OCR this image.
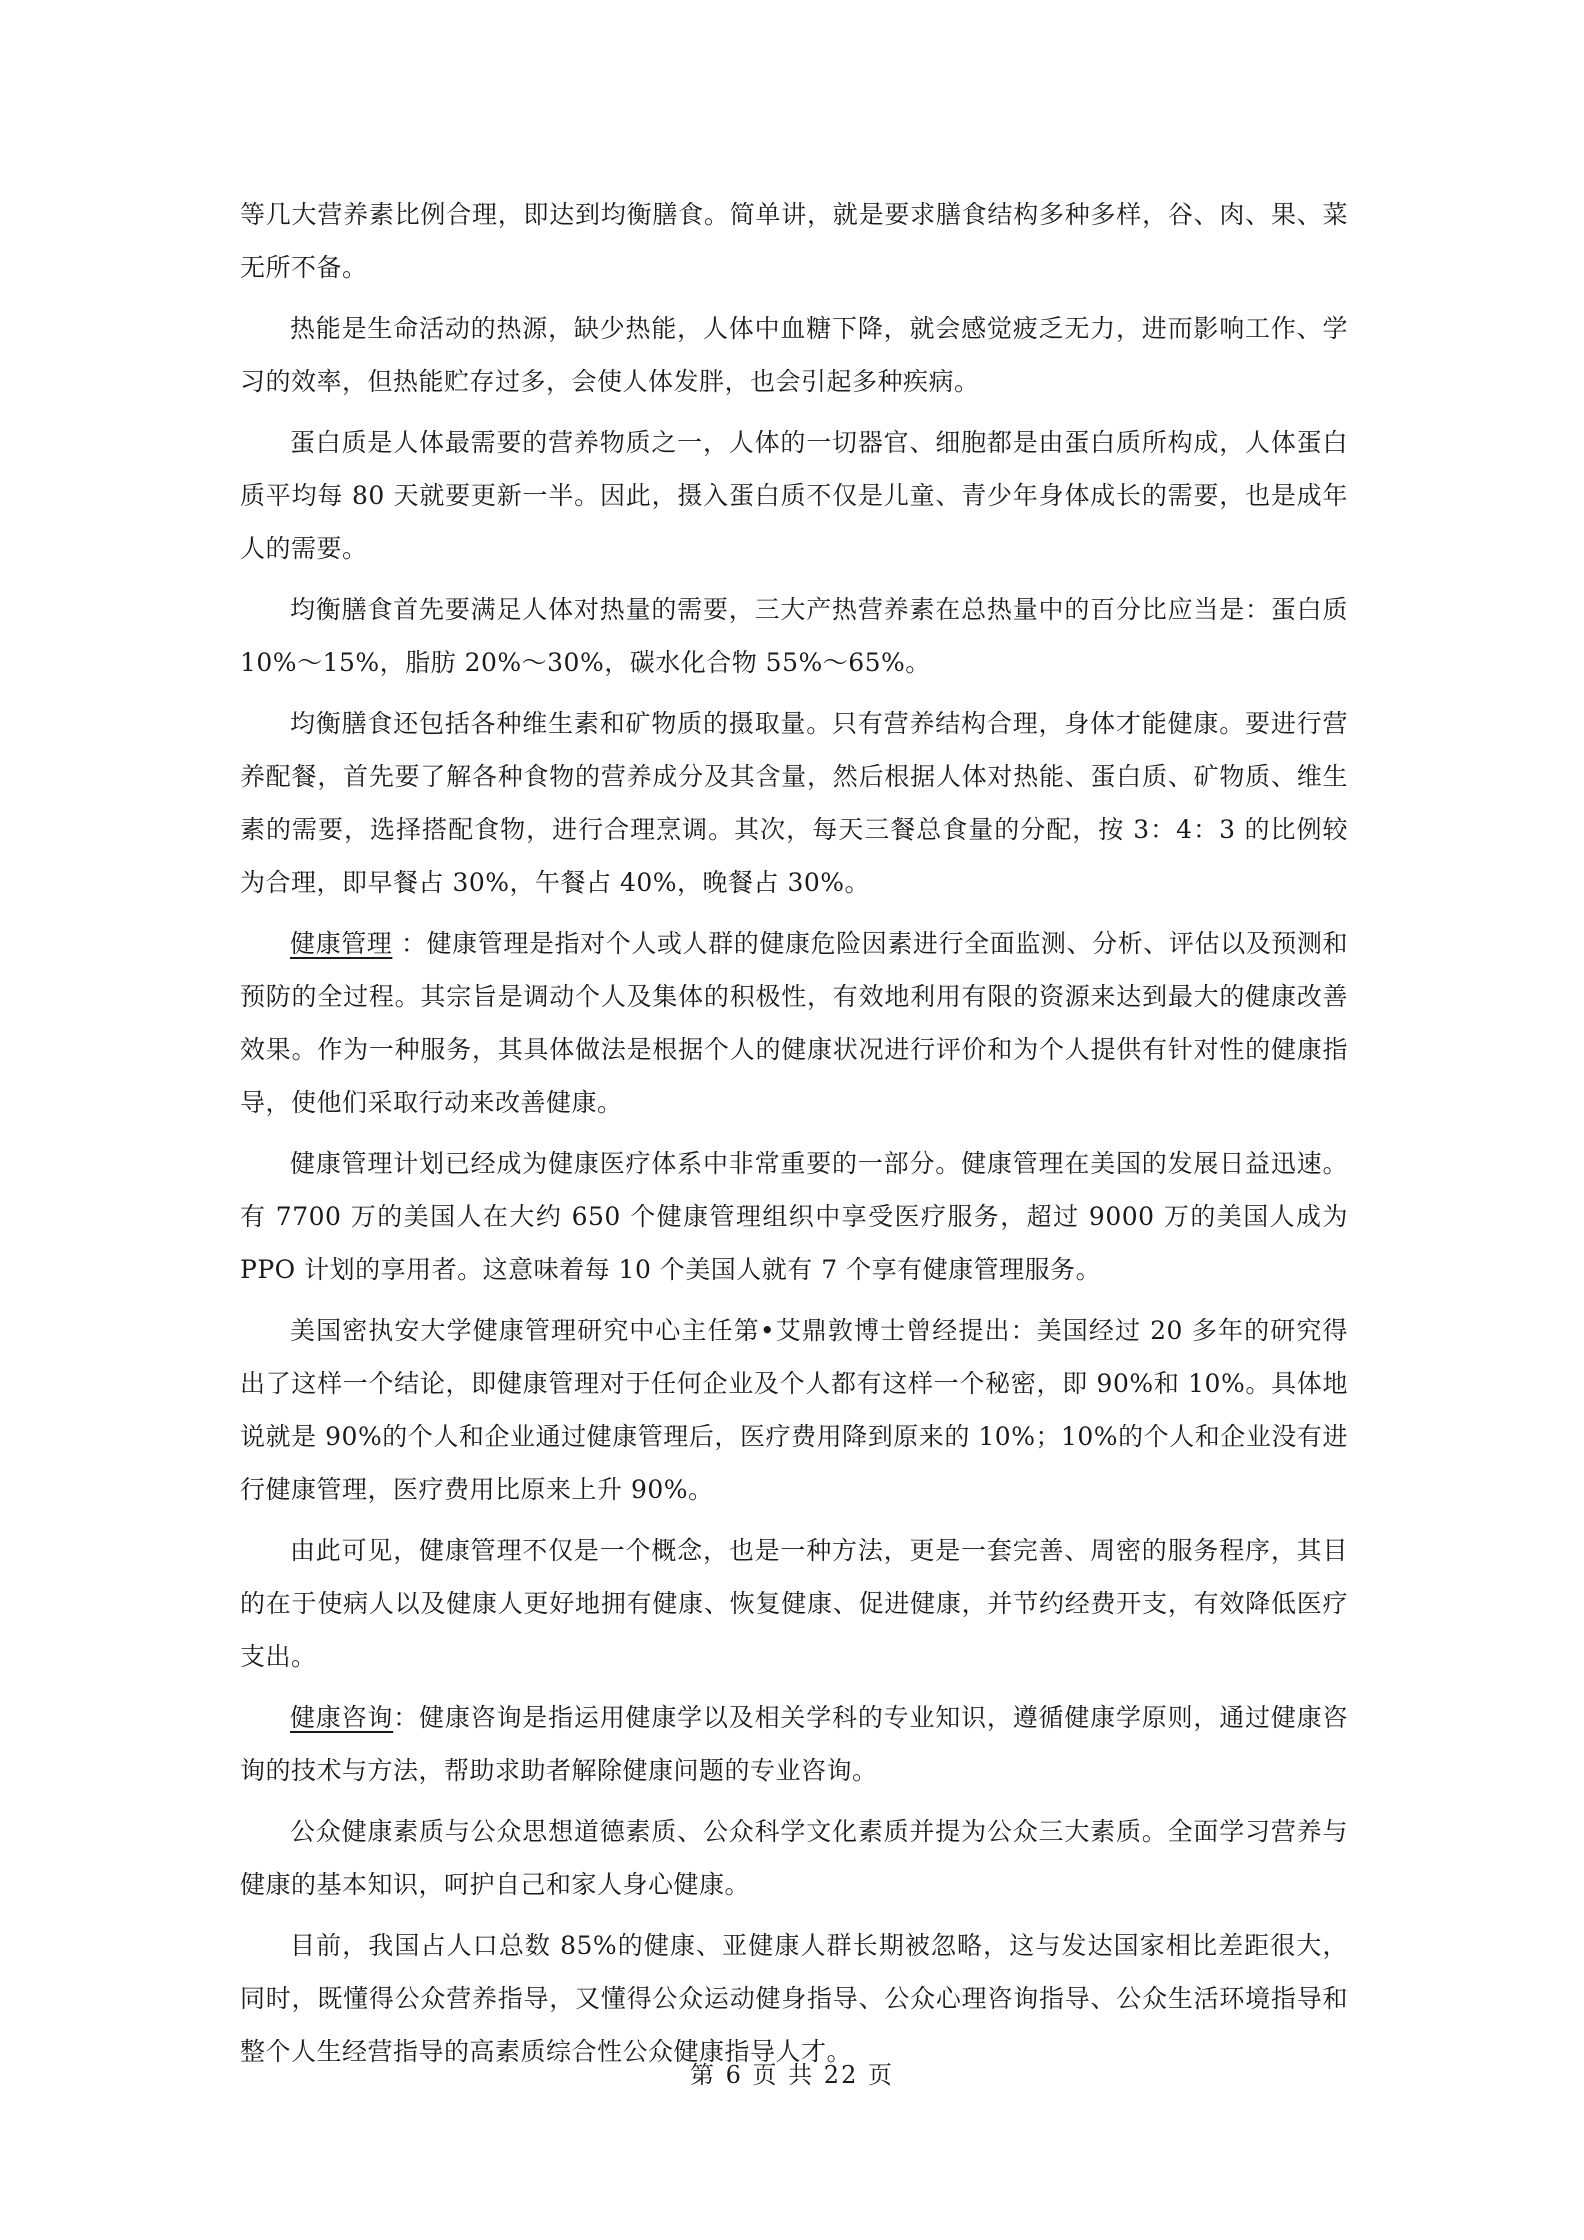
等几大营养素比例合理，即达到均衡膳食。简单讲，就是要求膳食结构多种多样，谷、肉、果、菜无所不备。

热能是生命活动的热源，缺少热能，人体中血糖下降，就会感觉疲乏无力，进而影响工作、学习的效率，但热能贮存过多，会使人体发胖，也会引起多种疾病。

蛋白质是人体最需要的营养物质之一，人体的一切器官、细胞都是由蛋白质所构成，人体蛋白质平均每 80 天就要更新一半。因此，摄入蛋白质不仅是儿童、青少年身体成长的需要，也是成年人的需要。

均衡膳食首先要满足人体对热量的需要，三大产热营养素在总热量中的百分比应当是：蛋白质 10%～15%，脂肪 20%～30%，碳水化合物 55%～65%。

均衡膳食还包括各种维生素和矿物质的摄取量。只有营养结构合理，身体才能健康。要进行营养配餐，首先要了解各种食物的营养成分及其含量，然后根据人体对热能、蛋白质、矿物质、维生素的需要，选择搭配食物，进行合理烹调。其次，每天三餐总食量的分配，按 3：4：3 的比例较为合理，即早餐占 30%，午餐占 40%，晚餐占 30%。

健康管理 ：健康管理是指对个人或人群的健康危险因素进行全面监测、分析、评估以及预测和预防的全过程。其宗旨是调动个人及集体的积极性，有效地利用有限的资源来达到最大的健康改善效果。作为一种服务，其具体做法是根据个人的健康状况进行评价和为个人提供有针对性的健康指导，使他们采取行动来改善健康。

健康管理计划已经成为健康医疗体系中非常重要的一部分。健康管理在美国的发展日益迅速。有 7700 万的美国人在大约 650 个健康管理组织中享受医疗服务，超过 9000 万的美国人成为 PPO 计划的享用者。这意味着每 10 个美国人就有 7 个享有健康管理服务。

美国密执安大学健康管理研究中心主任第•艾鼎敦博士曾经提出：美国经过 20 多年的研究得出了这样一个结论，即健康管理对于任何企业及个人都有这样一个秘密，即 90%和 10%。具体地说就是 90%的个人和企业通过健康管理后，医疗费用降到原来的 10%；10%的个人和企业没有进行健康管理，医疗费用比原来上升 90%。

由此可见，健康管理不仅是一个概念，也是一种方法，更是一套完善、周密的服务程序，其目的在于使病人以及健康人更好地拥有健康、恢复健康、促进健康，并节约经费开支，有效降低医疗支出。

健康咨询：健康咨询是指运用健康学以及相关学科的专业知识，遵循健康学原则，通过健康咨询的技术与方法，帮助求助者解除健康问题的专业咨询。

公众健康素质与公众思想道德素质、公众科学文化素质并提为公众三大素质。全面学习营养与健康的基本知识，呵护自己和家人身心健康。

目前，我国占人口总数 85%的健康、亚健康人群长期被忽略，这与发达国家相比差距很大，同时，既懂得公众营养指导，又懂得公众运动健身指导、公众心理咨询指导、公众生活环境指导和整个人生经营指导的高素质综合性公众健康指导人才。

第 6 页 共 22 页
